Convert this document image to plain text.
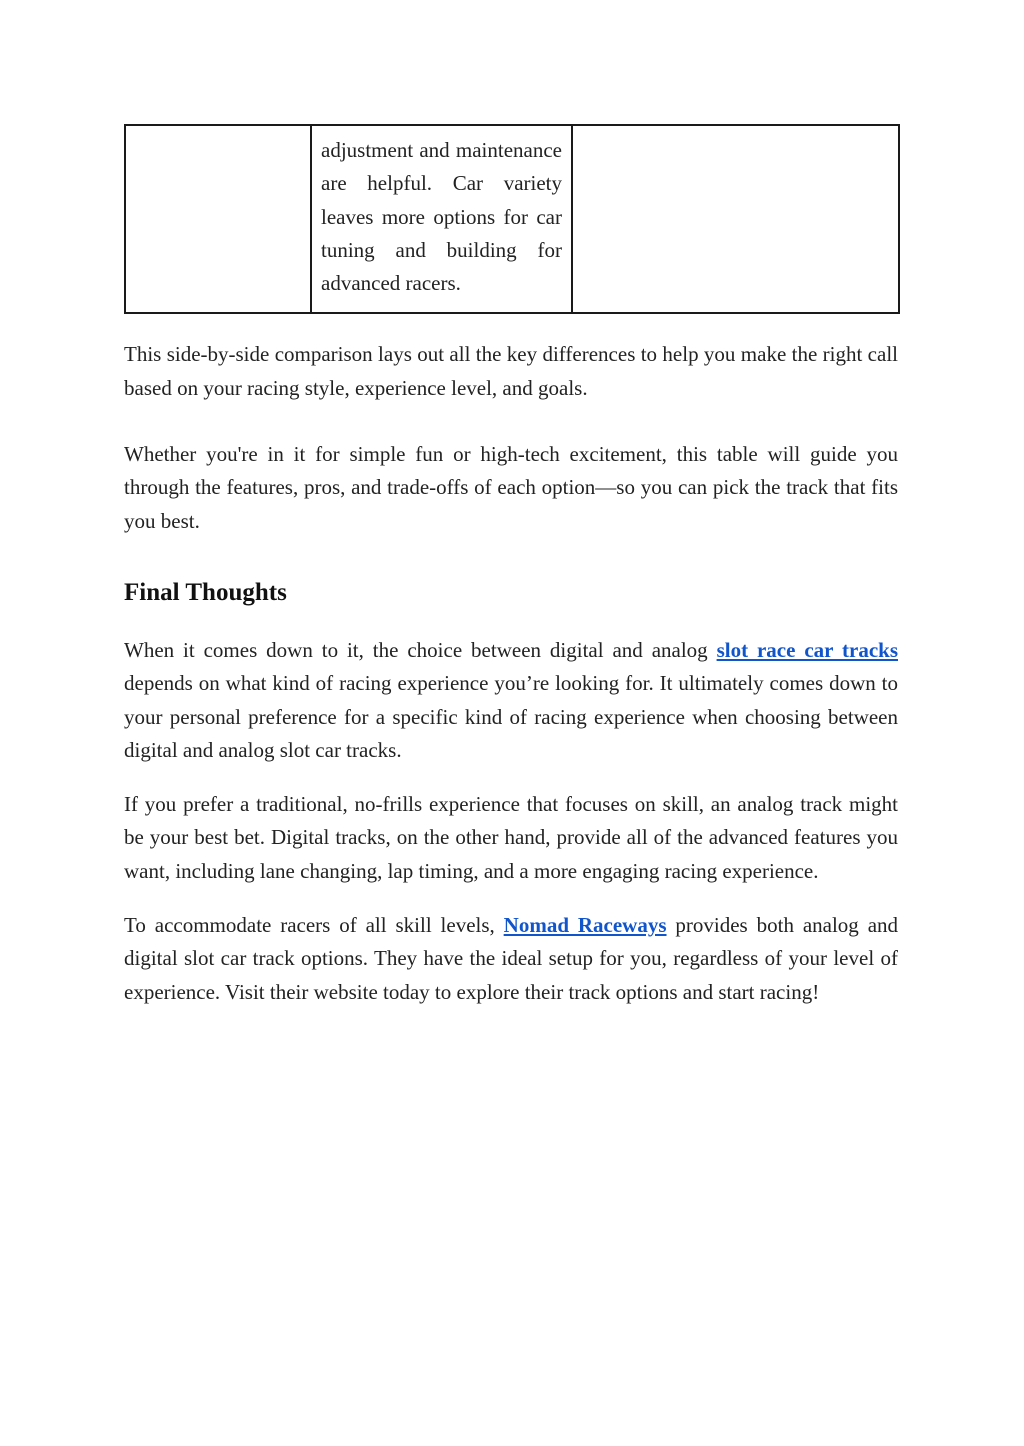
	adjustment and maintenance are helpful. Car variety leaves more options for car tuning and building for advanced racers.	

This side-by-side comparison lays out all the key differences to help you make the right call based on your racing style, experience level, and goals.

Whether you're in it for simple fun or high-tech excitement, this table will guide you through the features, pros, and trade-offs of each option—so you can pick the track that fits you best.

Final Thoughts

When it comes down to it, the choice between digital and analog slot race car tracks depends on what kind of racing experience you’re looking for. It ultimately comes down to your personal preference for a specific kind of racing experience when choosing between digital and analog slot car tracks.

If you prefer a traditional, no-frills experience that focuses on skill, an analog track might be your best bet. Digital tracks, on the other hand, provide all of the advanced features you want, including lane changing, lap timing, and a more engaging racing experience.

To accommodate racers of all skill levels, Nomad Raceways provides both analog and digital slot car track options. They have the ideal setup for you, regardless of your level of experience. Visit their website today to explore their track options and start racing!
